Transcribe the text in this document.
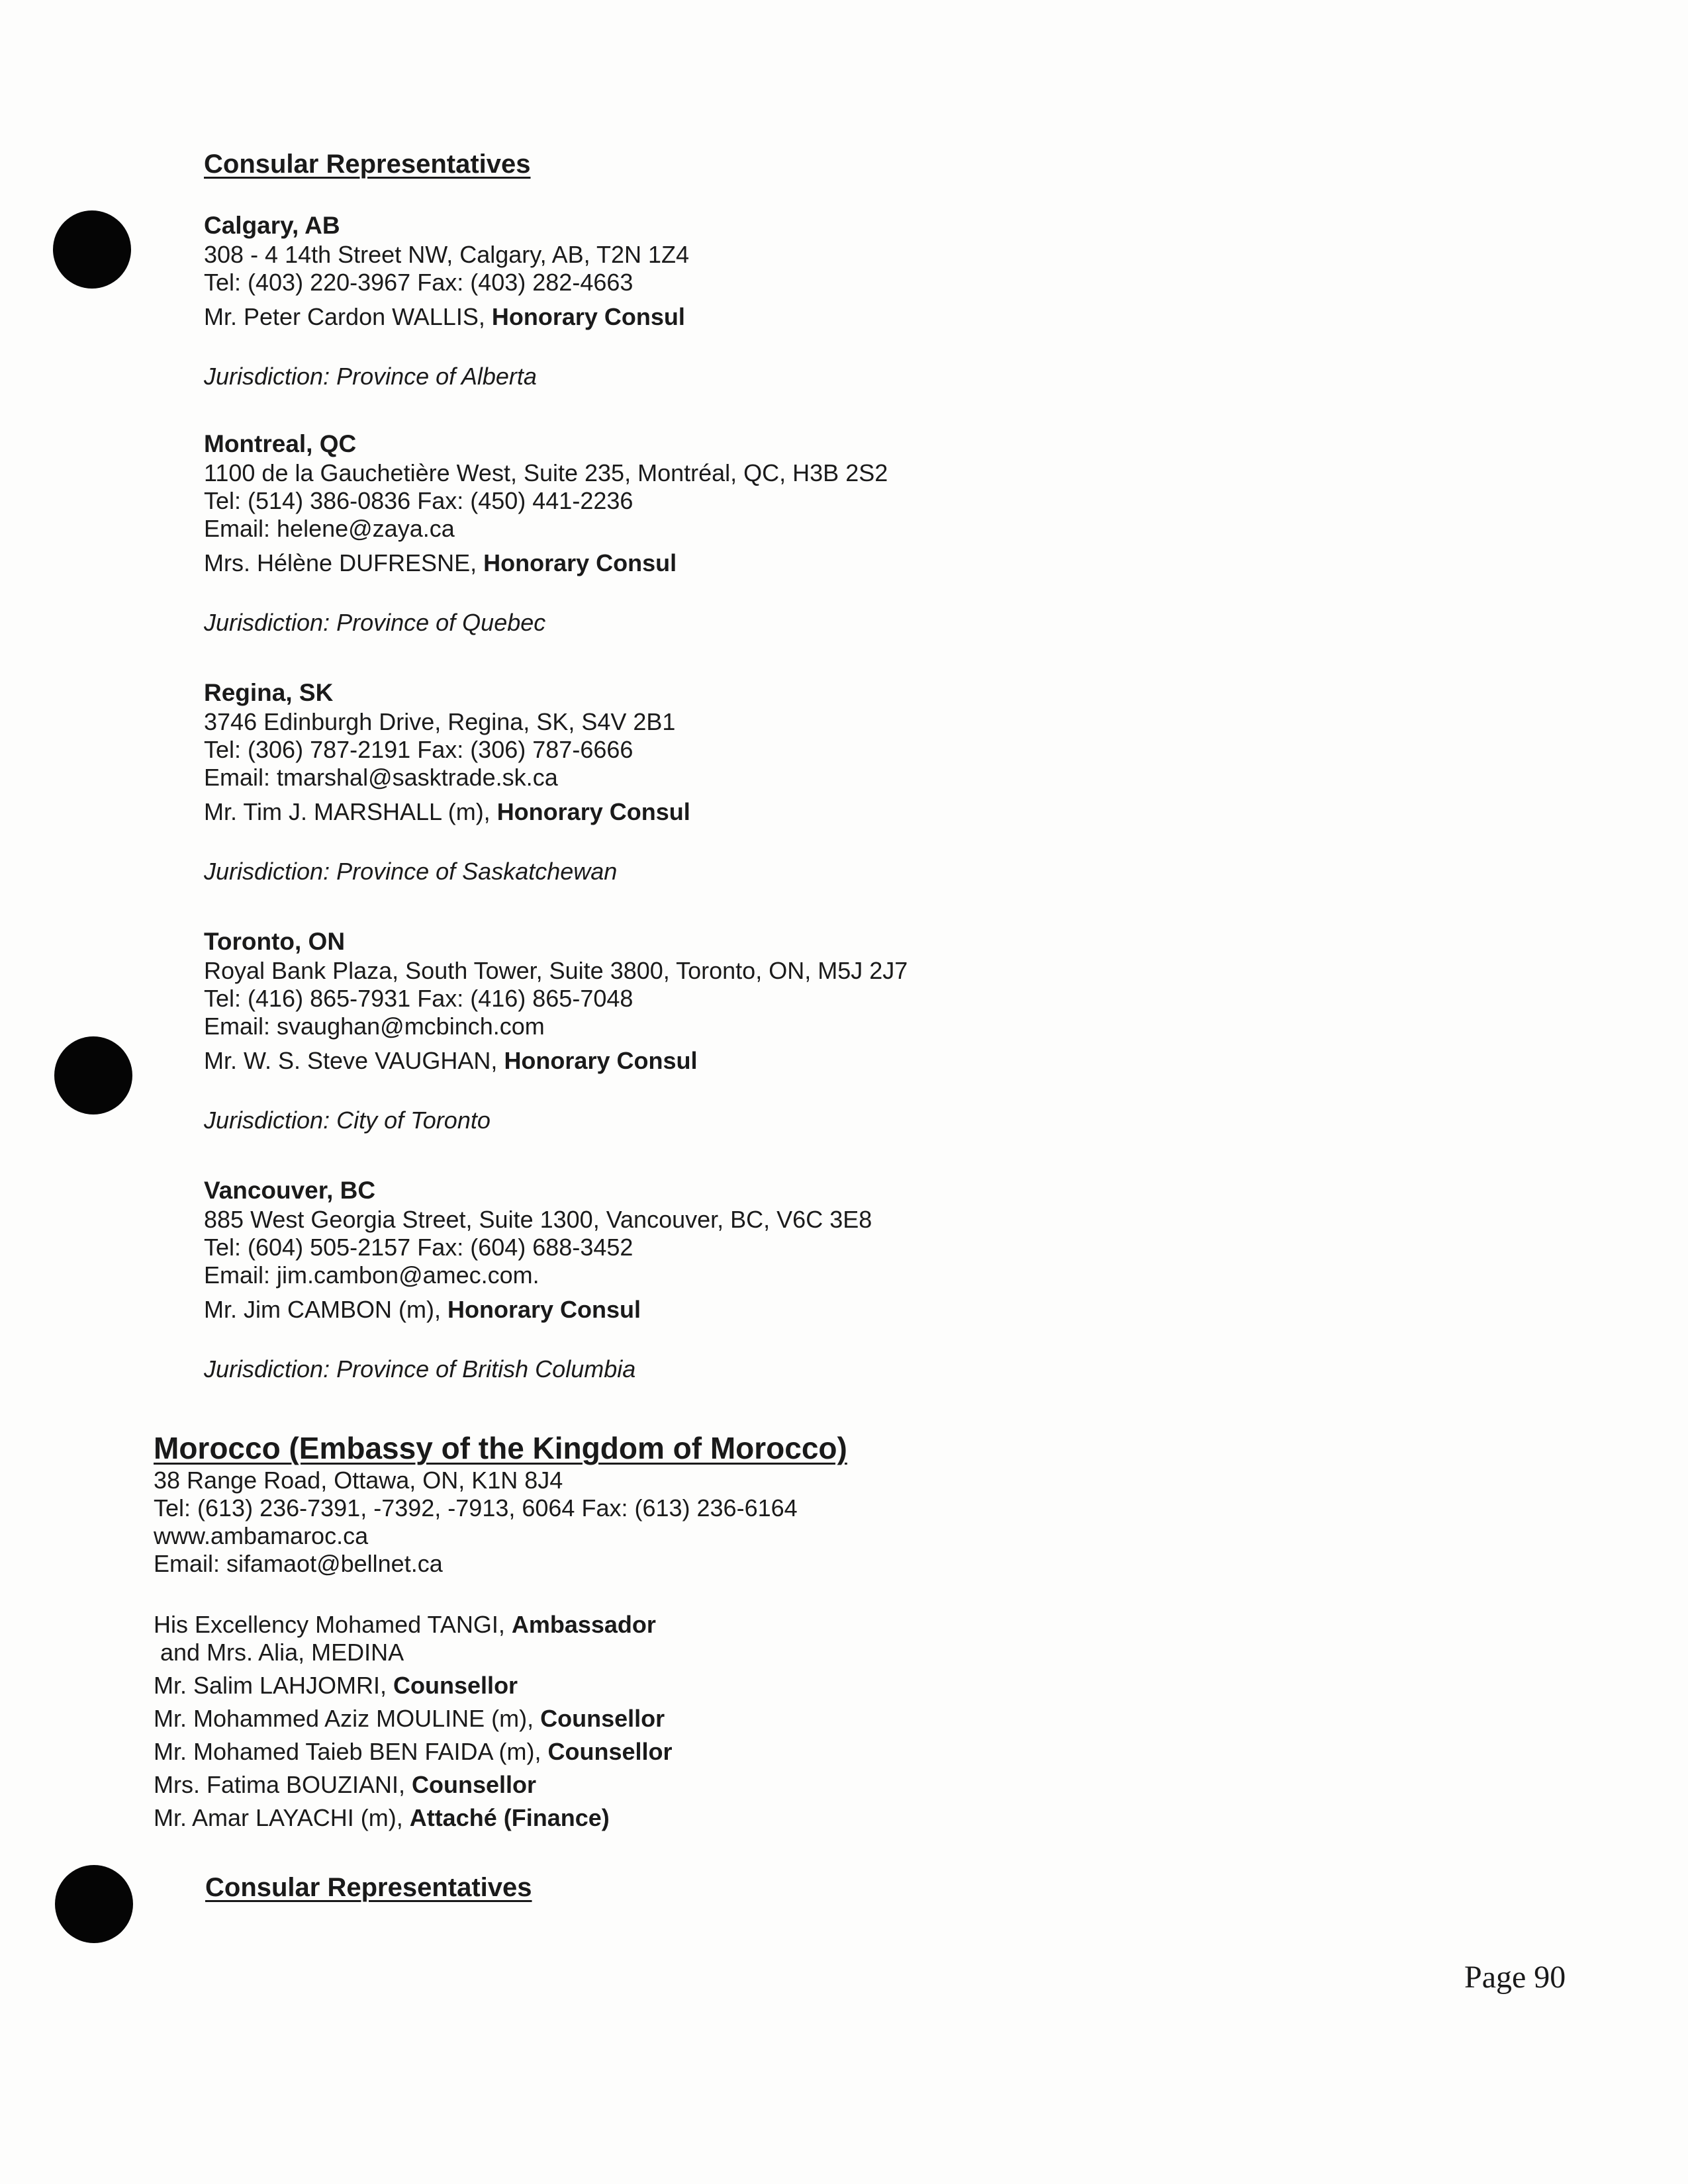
Consular Representatives
Calgary, AB
308 - 4 14th Street NW, Calgary, AB, T2N 1Z4
Tel: (403) 220-3967 Fax: (403) 282-4663
Mr. Peter Cardon WALLIS, Honorary Consul
Jurisdiction: Province of Alberta
Montreal, QC
1100 de la Gauchetière West, Suite 235, Montréal, QC, H3B 2S2
Tel: (514) 386-0836 Fax: (450) 441-2236
Email: helene@zaya.ca
Mrs. Hélène DUFRESNE, Honorary Consul
Jurisdiction: Province of Quebec
Regina, SK
3746 Edinburgh Drive, Regina, SK, S4V 2B1
Tel: (306) 787-2191 Fax: (306) 787-6666
Email: tmarshal@sasktrade.sk.ca
Mr. Tim J. MARSHALL (m), Honorary Consul
Jurisdiction: Province of Saskatchewan
Toronto, ON
Royal Bank Plaza, South Tower, Suite 3800, Toronto, ON, M5J 2J7
Tel: (416) 865-7931 Fax: (416) 865-7048
Email: svaughan@mcbinch.com
Mr. W. S. Steve VAUGHAN, Honorary Consul
Jurisdiction: City of Toronto
Vancouver, BC
885 West Georgia Street, Suite 1300, Vancouver, BC, V6C 3E8
Tel: (604) 505-2157 Fax: (604) 688-3452
Email: jim.cambon@amec.com.
Mr. Jim CAMBON (m), Honorary Consul
Jurisdiction: Province of British Columbia
Morocco (Embassy of the Kingdom of Morocco)
38 Range Road, Ottawa, ON, K1N 8J4
Tel: (613) 236-7391, -7392, -7913, 6064 Fax: (613) 236-6164
www.ambamaroc.ca
Email: sifamaot@bellnet.ca
His Excellency Mohamed TANGI, Ambassador
and Mrs. Alia, MEDINA
Mr. Salim LAHJOMRI, Counsellor
Mr. Mohammed Aziz MOULINE (m), Counsellor
Mr. Mohamed Taieb BEN FAIDA (m), Counsellor
Mrs. Fatima BOUZIANI, Counsellor
Mr. Amar LAYACHI (m), Attaché (Finance)
Consular Representatives
Page 90
